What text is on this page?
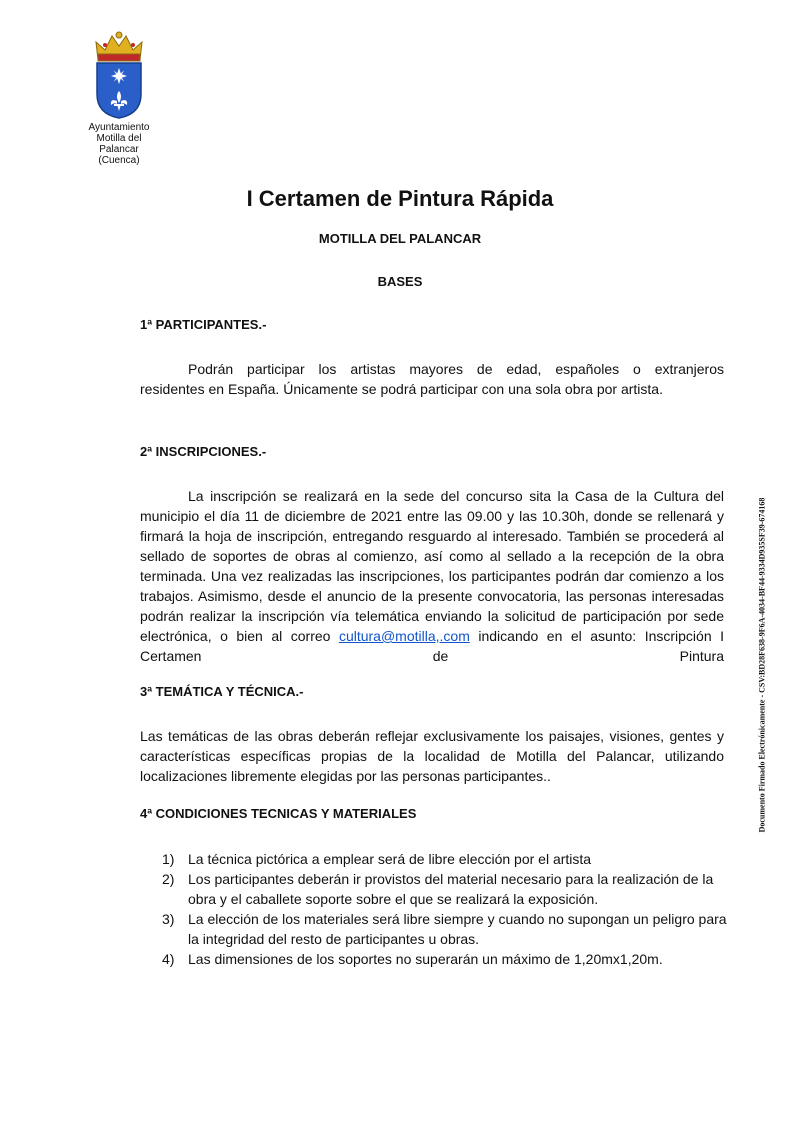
Ayuntamiento
Motilla del Palancar
(Cuenca)
I Certamen de Pintura Rápida
MOTILLA DEL PALANCAR
BASES
1ª PARTICIPANTES.-
Podrán participar los artistas mayores de edad, españoles o extranjeros
residentes en España. Únicamente se podrá participar con una sola obra por artista.
2ª INSCRIPCIONES.-
La inscripción se realizará en la sede del concurso sita la Casa de la Cultura del municipio el día 11 de diciembre de 2021 entre las 09.00 y las 10.30h, donde se rellenará y firmará la hoja de inscripción, entregando resguardo al interesado. También se procederá al sellado de soportes de obras al comienzo, así como al sellado a la recepción de la obra terminada. Una vez realizadas las inscripciones, los participantes podrán dar comienzo a los trabajos. Asimismo, desde el anuncio de la presente convocatoria, las personas interesadas podrán realizar la inscripción vía telemática enviando la solicitud de participación por sede electrónica, o bien al correo cultura@motilla,.com indicando en el asunto: Inscripción I Certamen de Pintura
3ª TEMÁTICA Y TÉCNICA.-
Las temáticas de las obras deberán reflejar exclusivamente los paisajes, visiones, gentes y características específicas propias de la localidad de Motilla del Palancar, utilizando localizaciones libremente elegidas por las personas participantes..
4ª CONDICIONES TECNICAS Y MATERIALES
1) La técnica pictórica a emplear será de libre elección por el artista
2) Los participantes deberán ir provistos del material necesario para la realización de la obra y el caballete soporte sobre el que se realizará la exposición.
3) La elección de los materiales será libre siempre y cuando no supongan un peligro para la integridad del resto de participantes u obras.
4) Las dimensiones de los soportes no superarán un máximo de 1,20mx1,20m.
Documento Firmado Electrónicamente - CSV:BD28F638-9F6A-4034-BF44-9334D935SF39-674168
